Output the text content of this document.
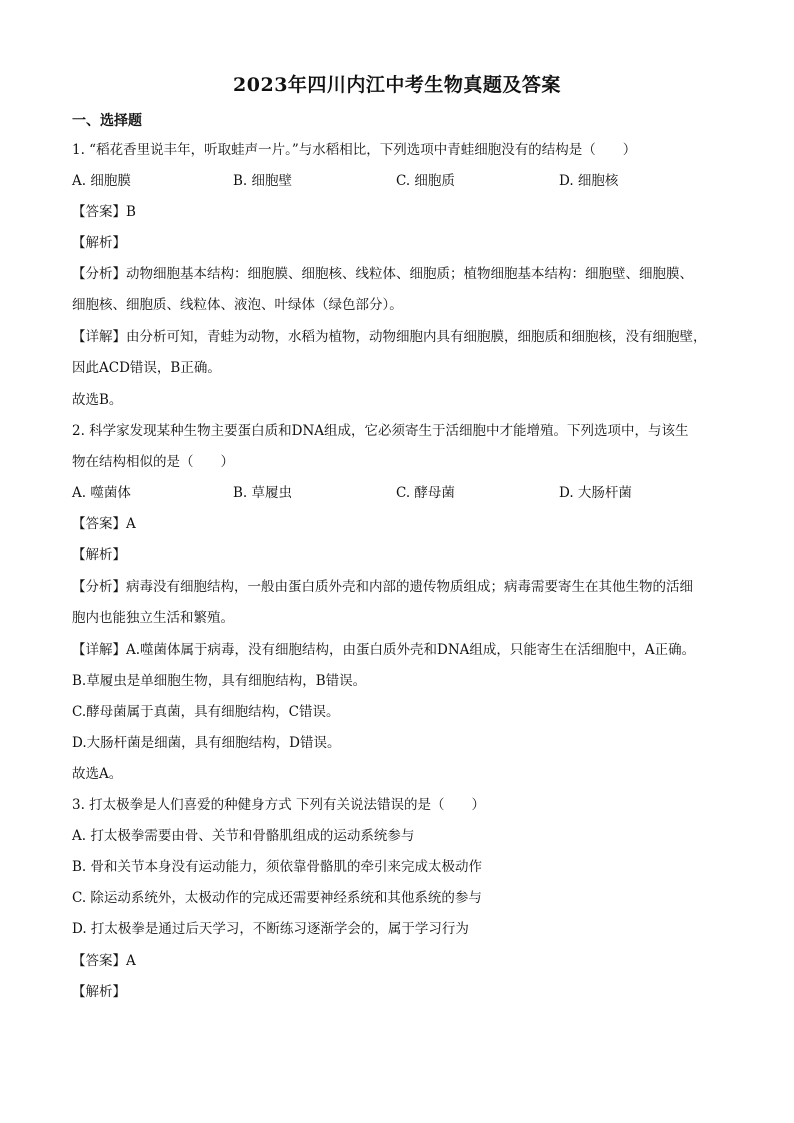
2023年四川内江中考生物真题及答案
一、选择题
1. “稻花香里说丰年，听取蛙声一片。”与水稻相比，下列选项中青蛙细胞没有的结构是（　　）
A. 细胞膜	B. 细胞壁	C. 细胞质	D. 细胞核
【答案】B
【解析】
【分析】动物细胞基本结构：细胞膜、细胞核、线粒体、细胞质；植物细胞基本结构：细胞壁、细胞膜、
细胞核、细胞质、线粒体、液泡、叶绿体（绿色部分）。
【详解】由分析可知，青蛙为动物，水稻为植物，动物细胞内具有细胞膜，细胞质和细胞核，没有细胞壁，
因此ACD错误，B正确。
故选B。
2. 科学家发现某种生物主要蛋白质和DNA组成，它必须寄生于活细胞中才能增殖。下列选项中，与该生
物在结构相似的是（　　）
A. 噬菌体	B. 草履虫	C. 酵母菌	D. 大肠杆菌
【答案】A
【解析】
【分析】病毒没有细胞结构，一般由蛋白质外壳和内部的遗传物质组成；病毒需要寄生在其他生物的活细
胞内也能独立生活和繁殖。
【详解】A.噬菌体属于病毒，没有细胞结构，由蛋白质外壳和DNA组成，只能寄生在活细胞中，A正确。
B.草履虫是单细胞生物，具有细胞结构，B错误。
C.酵母菌属于真菌，具有细胞结构，C错误。
D.大肠杆菌是细菌，具有细胞结构，D错误。
故选A。
3. 打太极拳是人们喜爱的种健身方式 下列有关说法错误的是（　　）
A. 打太极拳需要由骨、关节和骨骼肌组成的运动系统参与
B. 骨和关节本身没有运动能力，须依靠骨骼肌的牵引来完成太极动作
C. 除运动系统外，太极动作的完成还需要神经系统和其他系统的参与
D. 打太极拳是通过后天学习，不断练习逐渐学会的，属于学习行为
【答案】A
【解析】
